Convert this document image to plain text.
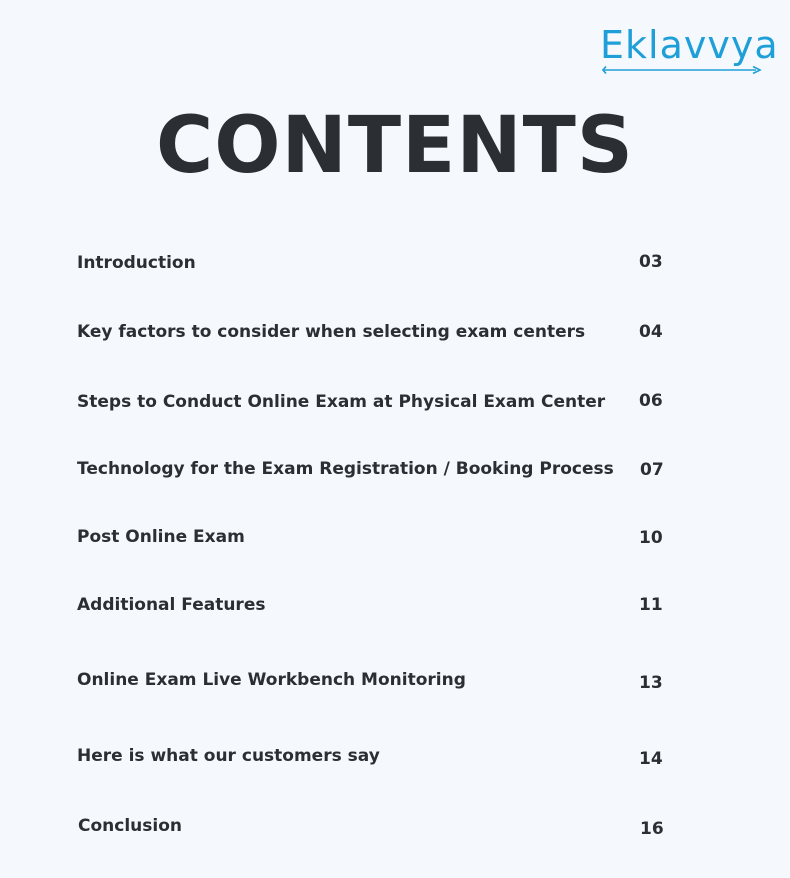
Eklavvya
CONTENTS
Introduction	03
Key factors to consider when selecting exam centers	04
Steps to Conduct Online Exam at Physical Exam Center 06
Technology for the Exam Registration / Booking Process 07
Post Online Exam	10
Additional Features	11
Online Exam Live Workbench Monitoring	13
Here is what our customers say	14
Conclusion	16
